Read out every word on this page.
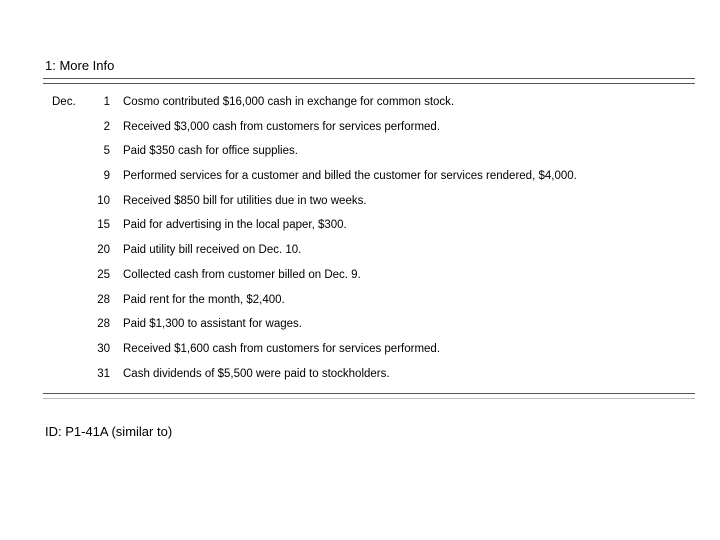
1: More Info
Dec.	1 Cosmo contributed $16,000 cash in exchange for common stock.
2 Received $3,000 cash from customers for services performed.
5 Paid $350 cash for office supplies.
9 Performed services for a customer and billed the customer for services rendered, $4,000.
10 Received $850 bill for utilities due in two weeks.
15 Paid for advertising in the local paper, $300.
20 Paid utility bill received on Dec. 10.
25 Collected cash from customer billed on Dec. 9.
28 Paid rent for the month, $2,400.
28 Paid $1,300 to assistant for wages.
30 Received $1,600 cash from customers for services performed.
31 Cash dividends of $5,500 were paid to stockholders.
ID: P1-41A (similar to)
